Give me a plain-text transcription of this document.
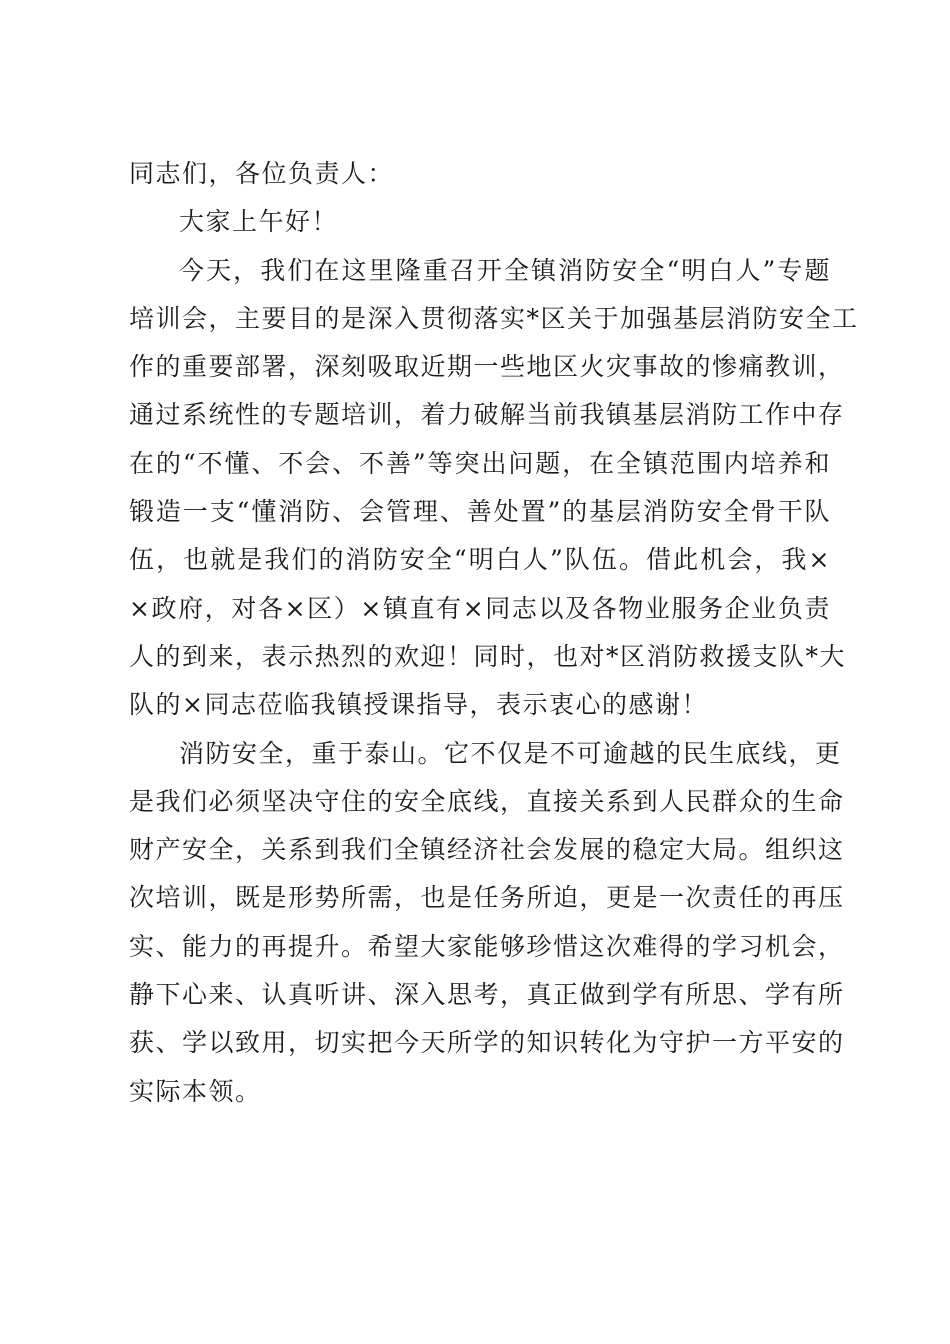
同志们，各位负责人：
大家上午好！
今天，我们在这里隆重召开全镇消防安全“明白人”专题
培训会，主要目的是深入贯彻落实*区关于加强基层消防安全工
作的重要部署，深刻吸取近期一些地区火灾事故的惨痛教训，
通过系统性的专题培训，着力破解当前我镇基层消防工作中存
在的“不懂、不会、不善”等突出问题，在全镇范围内培养和
锻造一支“懂消防、会管理、善处置”的基层消防安全骨干队
伍，也就是我们的消防安全“明白人”队伍。借此机会，我×
×政府，对各×区）×镇直有×同志以及各物业服务企业负责
人的到来，表示热烈的欢迎！同时，也对*区消防救援支队*大
队的×同志莅临我镇授课指导，表示衷心的感谢！
消防安全，重于泰山。它不仅是不可逾越的民生底线，更
是我们必须坚决守住的安全底线，直接关系到人民群众的生命
财产安全，关系到我们全镇经济社会发展的稳定大局。组织这
次培训，既是形势所需，也是任务所迫，更是一次责任的再压
实、能力的再提升。希望大家能够珍惜这次难得的学习机会，
静下心来、认真听讲、深入思考，真正做到学有所思、学有所
获、学以致用，切实把今天所学的知识转化为守护一方平安的
实际本领。
